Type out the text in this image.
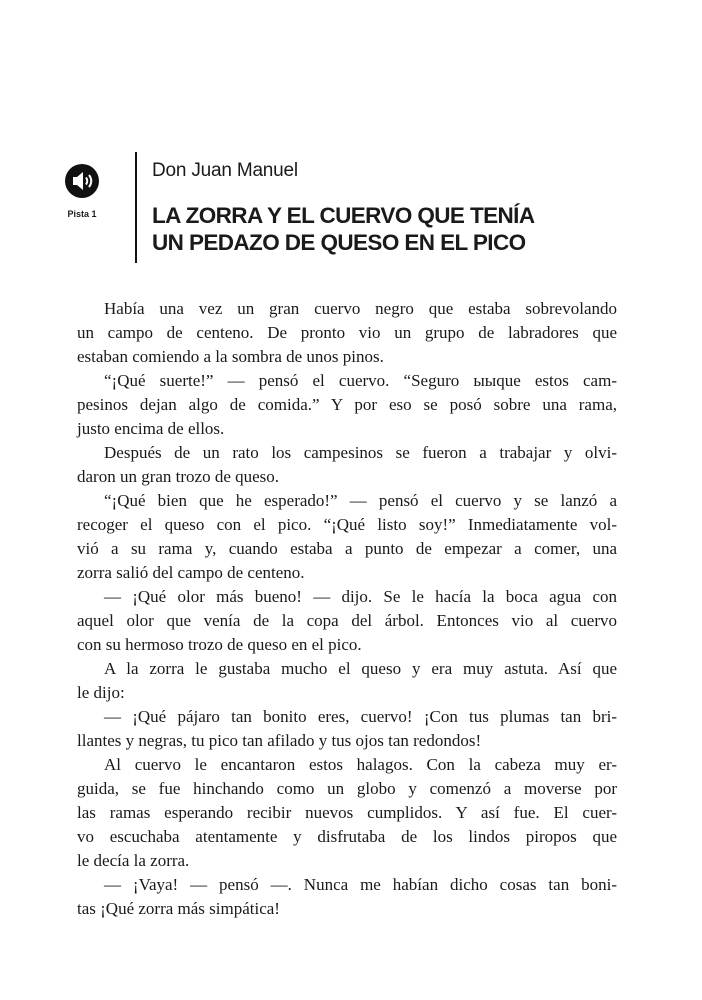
Pista 1
Don Juan Manuel
LA ZORRA Y EL CUERVO QUE TENÍA
UN PEDAZO DE QUESO EN EL PICO
Había una vez un gran cuervo negro que estaba sobrevolando
un campo de centeno. De pronto vio un grupo de labradores que
estaban comiendo a la sombra de unos pinos.
“¡Qué suerte!” — pensó el cuervo. “Seguro ыыque estos cam-
pesinos dejan algo de comida.” Y por eso se posó sobre una rama,
justo encima de ellos.
Después de un rato los campesinos se fueron a trabajar y olvi-
daron un gran trozo de queso.
“¡Qué bien que he esperado!” — pensó el cuervo y se lanzó a
recoger el queso con el pico. “¡Qué listo soy!” Inmediatamente vol-
vió a su rama y, cuando estaba a punto de empezar a comer, una
zorra salió del campo de centeno.
— ¡Qué olor más bueno! — dijo. Se le hacía la boca agua con
aquel olor que venía de la copa del árbol. Entonces vio al cuervo
con su hermoso trozo de queso en el pico.
A la zorra le gustaba mucho el queso y era muy astuta. Así que
le dijo:
— ¡Qué pájaro tan bonito eres, cuervo! ¡Con tus plumas tan bri-
llantes y negras, tu pico tan afilado y tus ojos tan redondos!
Al cuervo le encantaron estos halagos. Con la cabeza muy er-
guida, se fue hinchando como un globo y comenzó a moverse por
las ramas esperando recibir nuevos cumplidos. Y así fue. El cuer-
vo escuchaba atentamente y disfrutaba de los lindos piropos que
le decía la zorra.
— ¡Vaya! — pensó —. Nunca me habían dicho cosas tan boni-
tas ¡Qué zorra más simpática!
